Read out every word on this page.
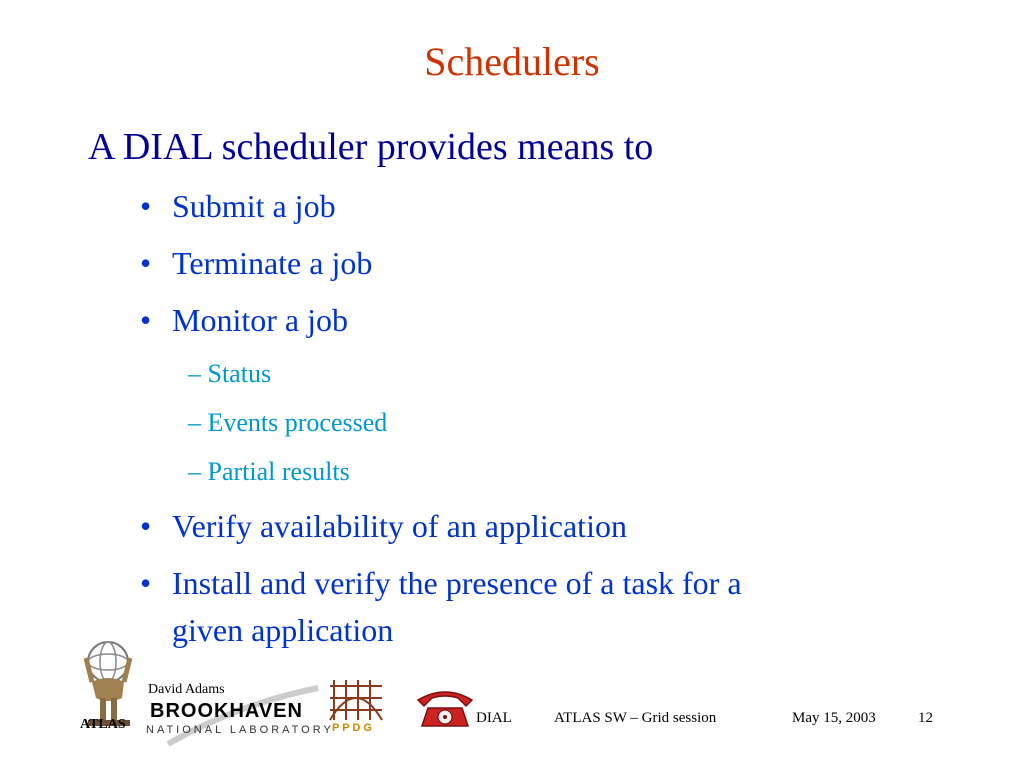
Schedulers
A DIAL scheduler provides means to
• Submit a job
• Terminate a job
• Monitor a job
– Status
– Events processed
– Partial results
• Verify availability of an application
• Install and verify the presence of a task for a
given application
ATLAS
David Adams
BROOKHAVEN
NATIONAL LABORATORY
P P D G
DIAL	ATLAS SW – Grid session	May 15, 2003	12
